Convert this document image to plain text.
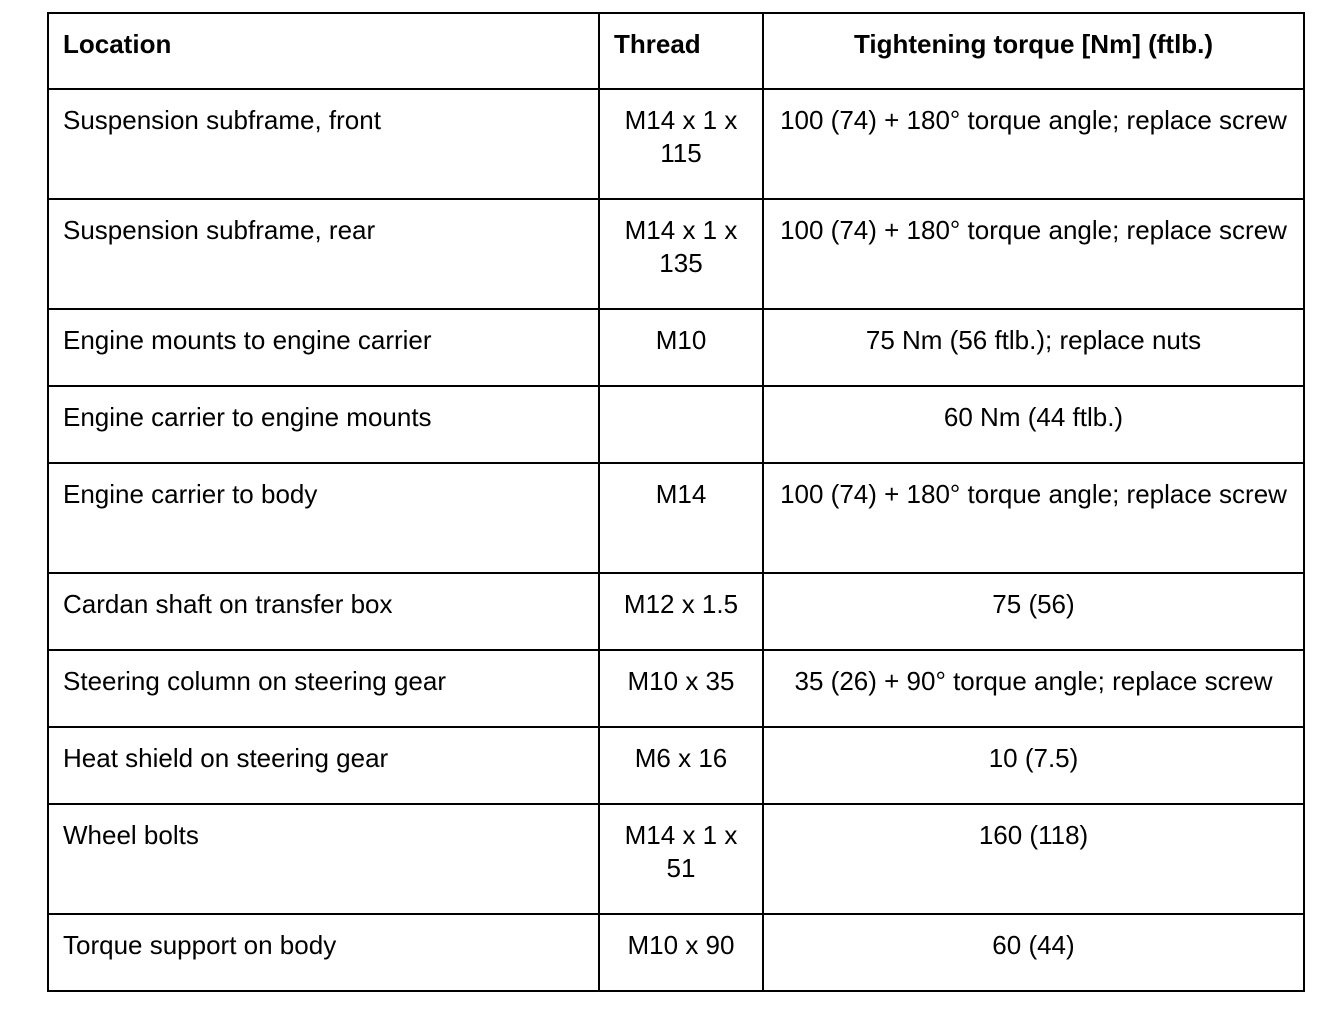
Location	Thread	Tightening torque [Nm] (ftlb.)
Suspension subframe, front	M14 x 1 x 115	100 (74) + 180° torque angle; replace screw
Suspension subframe, rear	M14 x 1 x 135	100 (74) + 180° torque angle; replace screw
Engine mounts to engine carrier	M10	75 Nm (56 ftlb.); replace nuts
Engine carrier to engine mounts		60 Nm (44 ftlb.)
Engine carrier to body	M14	100 (74) + 180° torque angle; replace screw
Cardan shaft on transfer box	M12 x 1.5	75 (56)
Steering column on steering gear	M10 x 35	35 (26) + 90° torque angle; replace screw
Heat shield on steering gear	M6 x 16	10 (7.5)
Wheel bolts	M14 x 1 x 51	160 (118)
Torque support on body	M10 x 90	60 (44)
